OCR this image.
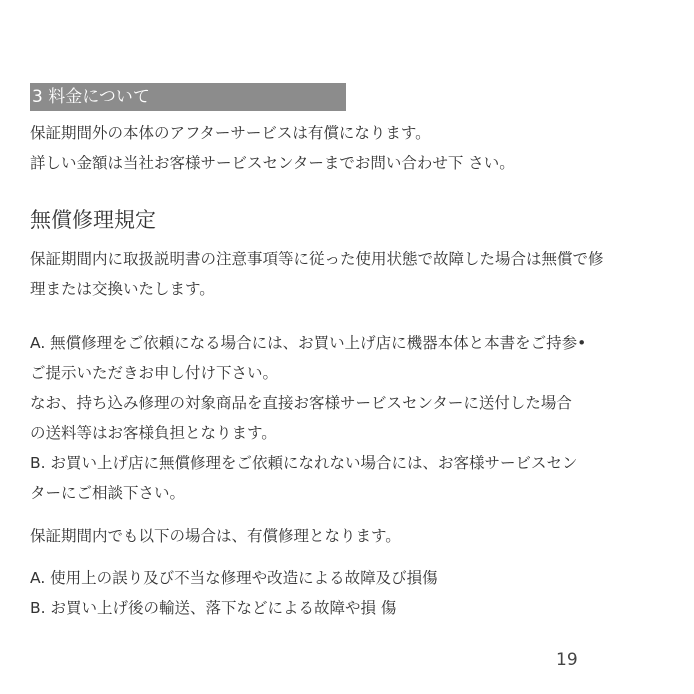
3 料金について
保証期間外の本体のアフターサービスは有償になります。
詳しい金額は当社お客様サービスセンターまでお問い合わせ下 さい。
無償修理規定
保証期間内に取扱説明書の注意事項等に従った使用状態で故障した場合は無償で修
理または交換いたします。
A. 無償修理をご依頼になる場合には、お買い上げ店に機器本体と本書をご持参•
ご提示いただきお申し付け下さい。
なお、持ち込み修理の対象商品を直接お客様サービスセンターに送付した場合
の送料等はお客様負担となります。
B. お買い上げ店に無償修理をご依頼になれない場合には、お客様サービスセン
ターにご相談下さい。
保証期間内でも以下の場合は、有償修理となります。
A. 使用上の誤り及び不当な修理や改造による故障及び損傷
B. お買い上げ後の輸送、落下などによる故障や損 傷
19
